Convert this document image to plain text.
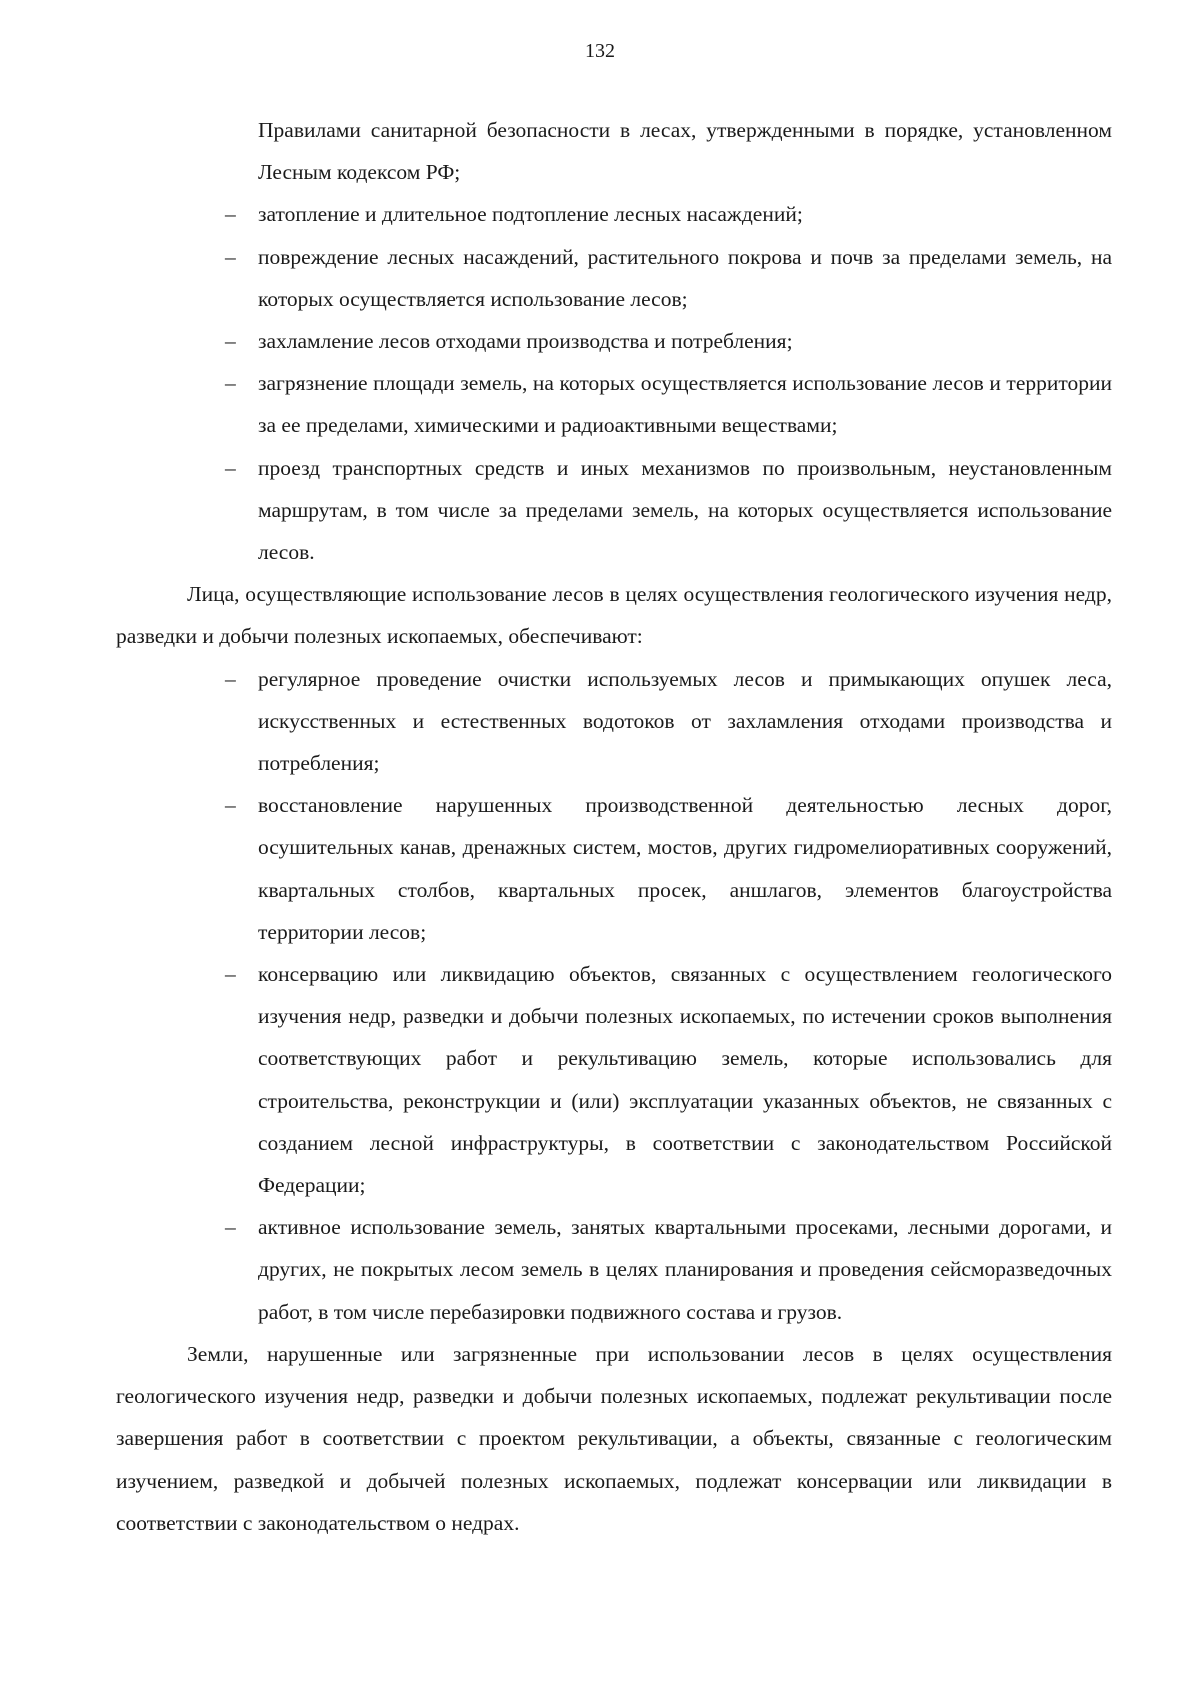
132

Правилами санитарной безопасности в лесах, утвержденными в порядке, установленном Лесным кодексом РФ;

– затопление и длительное подтопление лесных насаждений;
– повреждение лесных насаждений, растительного покрова и почв за пределами земель, на которых осуществляется использование лесов;
– захламление лесов отходами производства и потребления;
– загрязнение площади земель, на которых осуществляется использование лесов и территории за ее пределами, химическими и радиоактивными веществами;
– проезд транспортных средств и иных механизмов по произвольным, неустановленным маршрутам, в том числе за пределами земель, на которых осуществляется использование лесов.

Лица, осуществляющие использование лесов в целях осуществления геологического изучения недр, разведки и добычи полезных ископаемых, обеспечивают:

– регулярное проведение очистки используемых лесов и примыкающих опушек леса, искусственных и естественных водотоков от захламления отходами производства и потребления;
– восстановление нарушенных производственной деятельностью лесных дорог, осушительных канав, дренажных систем, мостов, других гидромелиоративных сооружений, квартальных столбов, квартальных просек, аншлагов, элементов благоустройства территории лесов;
– консервацию или ликвидацию объектов, связанных с осуществлением геологического изучения недр, разведки и добычи полезных ископаемых, по истечении сроков выполнения соответствующих работ и рекультивацию земель, которые использовались для строительства, реконструкции и (или) эксплуатации указанных объектов, не связанных с созданием лесной инфраструктуры, в соответствии с законодательством Российской Федерации;
– активное использование земель, занятых квартальными просеками, лесными дорогами, и других, не покрытых лесом земель в целях планирования и проведения сейсморазведочных работ, в том числе перебазировки подвижного состава и грузов.

Земли, нарушенные или загрязненные при использовании лесов в целях осуществления геологического изучения недр, разведки и добычи полезных ископаемых, подлежат рекультивации после завершения работ в соответствии с проектом рекультивации, а объекты, связанные с геологическим изучением, разведкой и добычей полезных ископаемых, подлежат консервации или ликвидации в соответствии с законодательством о недрах.
